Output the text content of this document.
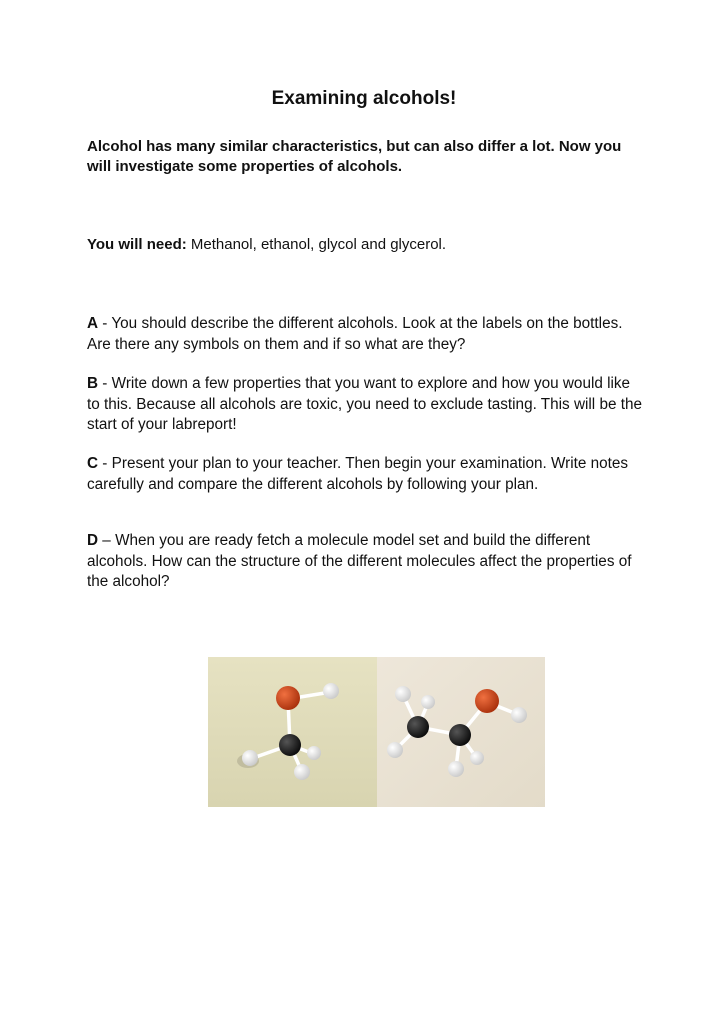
Examining alcohols!
Alcohol has many similar characteristics, but can also differ a lot. Now you will investigate some properties of alcohols.
You will need: Methanol, ethanol, glycol and glycerol.
A - You should describe the different alcohols. Look at the labels on the bottles. Are there any symbols on them and if so what are they?
B - Write down a few properties that you want to explore and how you would like to this. Because all alcohols are toxic, you need to exclude tasting. This will be the start of your labreport!
C - Present your plan to your teacher. Then begin your examination. Write notes carefully and compare the different alcohols by following your plan.
D – When you are ready fetch a molecule model set and build the different alcohols. How can the structure of the different molecules affect the properties of the alcohol?
